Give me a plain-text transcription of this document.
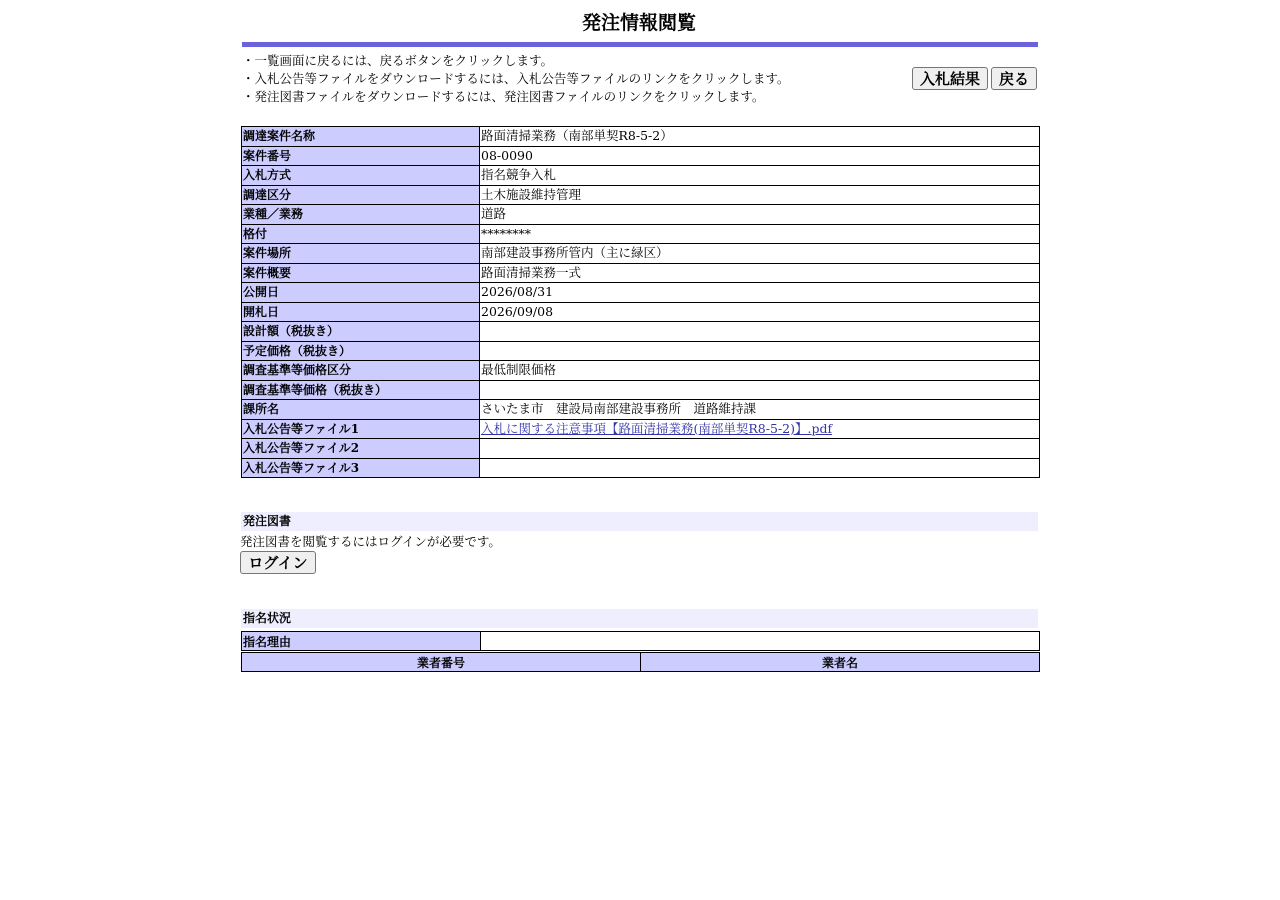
発注情報閲覧
・一覧画面に戻るには、戻るボタンをクリックします。
・入札公告等ファイルをダウンロードするには、入札公告等ファイルのリンクをクリックします。
・発注図書ファイルをダウンロードするには、発注図書ファイルのリンクをクリックします。
入札結果	戻る
調達案件名称	路面清掃業務（南部単契R8-5-2）
案件番号	08-0090
入札方式	指名競争入札
調達区分	土木施設維持管理
業種／業務	道路
格付	********
案件場所	南部建設事務所管内（主に緑区）
案件概要	路面清掃業務一式
公開日	2026/08/31
開札日	2026/09/08
設計額（税抜き）	
予定価格（税抜き）	
調査基準等価格区分	最低制限価格
調査基準等価格（税抜き）	
課所名	さいたま市　建設局南部建設事務所　道路維持課
入札公告等ファイル1	入札に関する注意事項【路面清掃業務(南部単契R8-5-2)】.pdf
入札公告等ファイル2	
入札公告等ファイル3	
発注図書
発注図書を閲覧するにはログインが必要です。
ログイン
指名状況
指名理由	
業者番号	業者名
